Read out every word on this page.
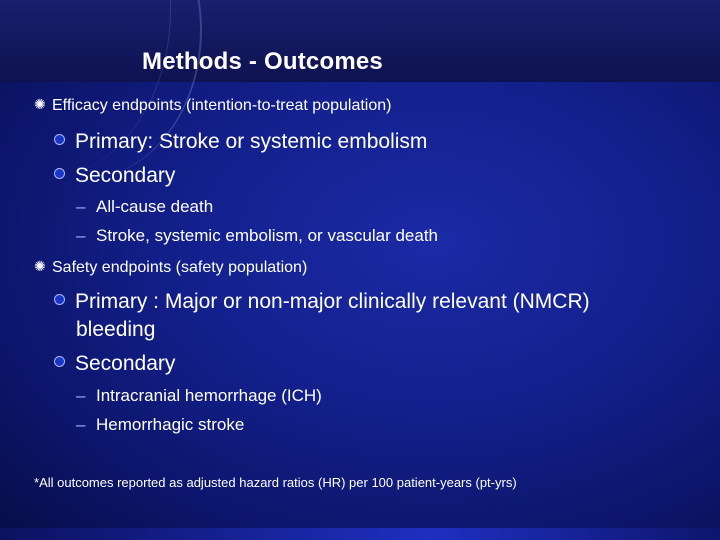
Methods - Outcomes
✺ Efficacy endpoints (intention-to-treat population)
Primary: Stroke or systemic embolism
Secondary
– All-cause death
– Stroke, systemic embolism, or vascular death
✺ Safety endpoints (safety population)
Primary : Major or non-major clinically relevant (NMCR)
bleeding
Secondary
– Intracranial hemorrhage (ICH)
– Hemorrhagic stroke
*All outcomes reported as adjusted hazard ratios (HR) per 100 patient-years (pt-yrs)
